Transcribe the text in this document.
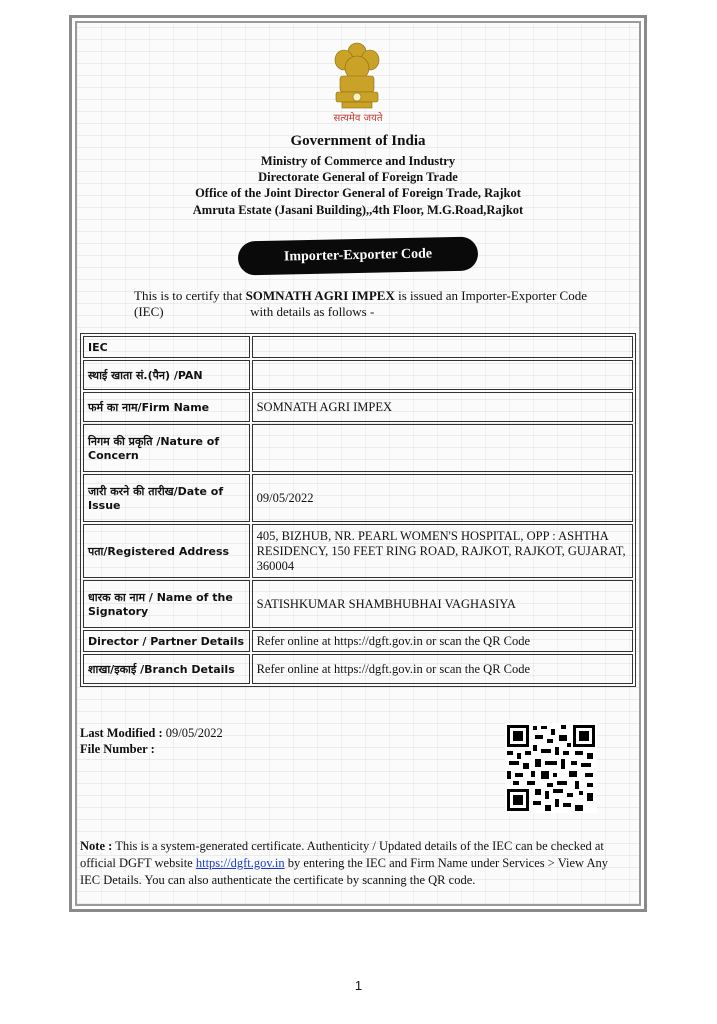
सत्यमेव जयते
Government of India
Ministry of Commerce and Industry
Directorate General of Foreign Trade
Office of the Joint Director General of Foreign Trade, Rajkot
Amruta Estate (Jasani Building),,4th Floor, M.G.Road,Rajkot
Importer-Exporter Code
This is to certify that SOMNATH AGRI IMPEX is issued an Importer-Exporter Code
(IEC)	with details as follows -
IEC	
स्थाई खाता सं.(पैन) /PAN	
फर्म का नाम/Firm Name	SOMNATH AGRI IMPEX
निगम की प्रकृति /Nature of Concern	
जारी करने की तारीख/Date of Issue	09/05/2022
पता/Registered Address	405, BIZHUB, NR. PEARL WOMEN'S HOSPITAL, OPP : ASHTHA RESIDENCY, 150 FEET RING ROAD, RAJKOT, RAJKOT, GUJARAT, 360004
धारक का नाम / Name of the Signatory	SATISHKUMAR SHAMBHUBHAI VAGHASIYA
Director / Partner Details	Refer online at https://dgft.gov.in or scan the QR Code
शाखा/इकाई /Branch Details	Refer online at https://dgft.gov.in or scan the QR Code
Last Modified : 09/05/2022
File Number :
Note : This is a system-generated certificate. Authenticity / Updated details of the IEC can be checked at official DGFT website https://dgft.gov.in by entering the IEC and Firm Name under Services > View Any IEC Details. You can also authenticate the certificate by scanning the QR code.
1
